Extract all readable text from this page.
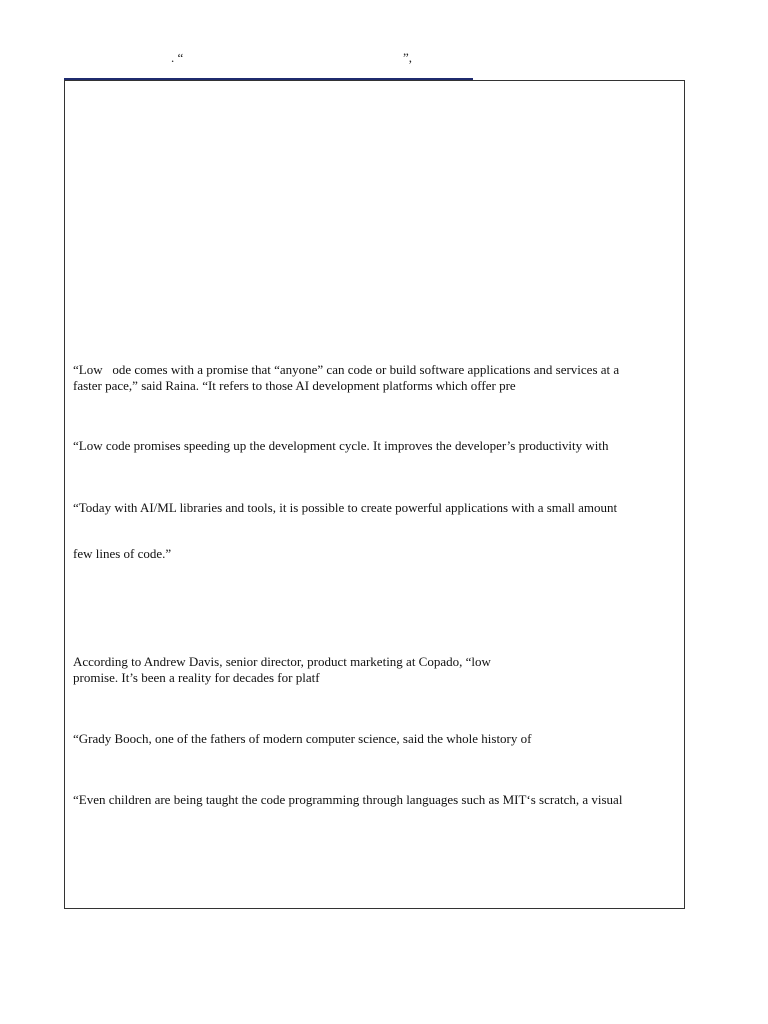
. “	”,
“Low   ode comes with a promise that “anyone” can code or build software applications and services at a
faster pace,” said Raina. “It refers to those AI development platforms which offer pre
“Low code promises speeding up the development cycle. It improves the developer’s productivity with
“Today with AI/ML libraries and tools, it is possible to create powerful applications with a small amount
few lines of code.”
According to Andrew Davis, senior director, product marketing at Copado, “low
promise. It’s been a reality for decades for platf
“Grady Booch, one of the fathers of modern computer science, said the whole history of
“Even children are being taught the code programming through languages such as MIT‘s scratch, a visual
